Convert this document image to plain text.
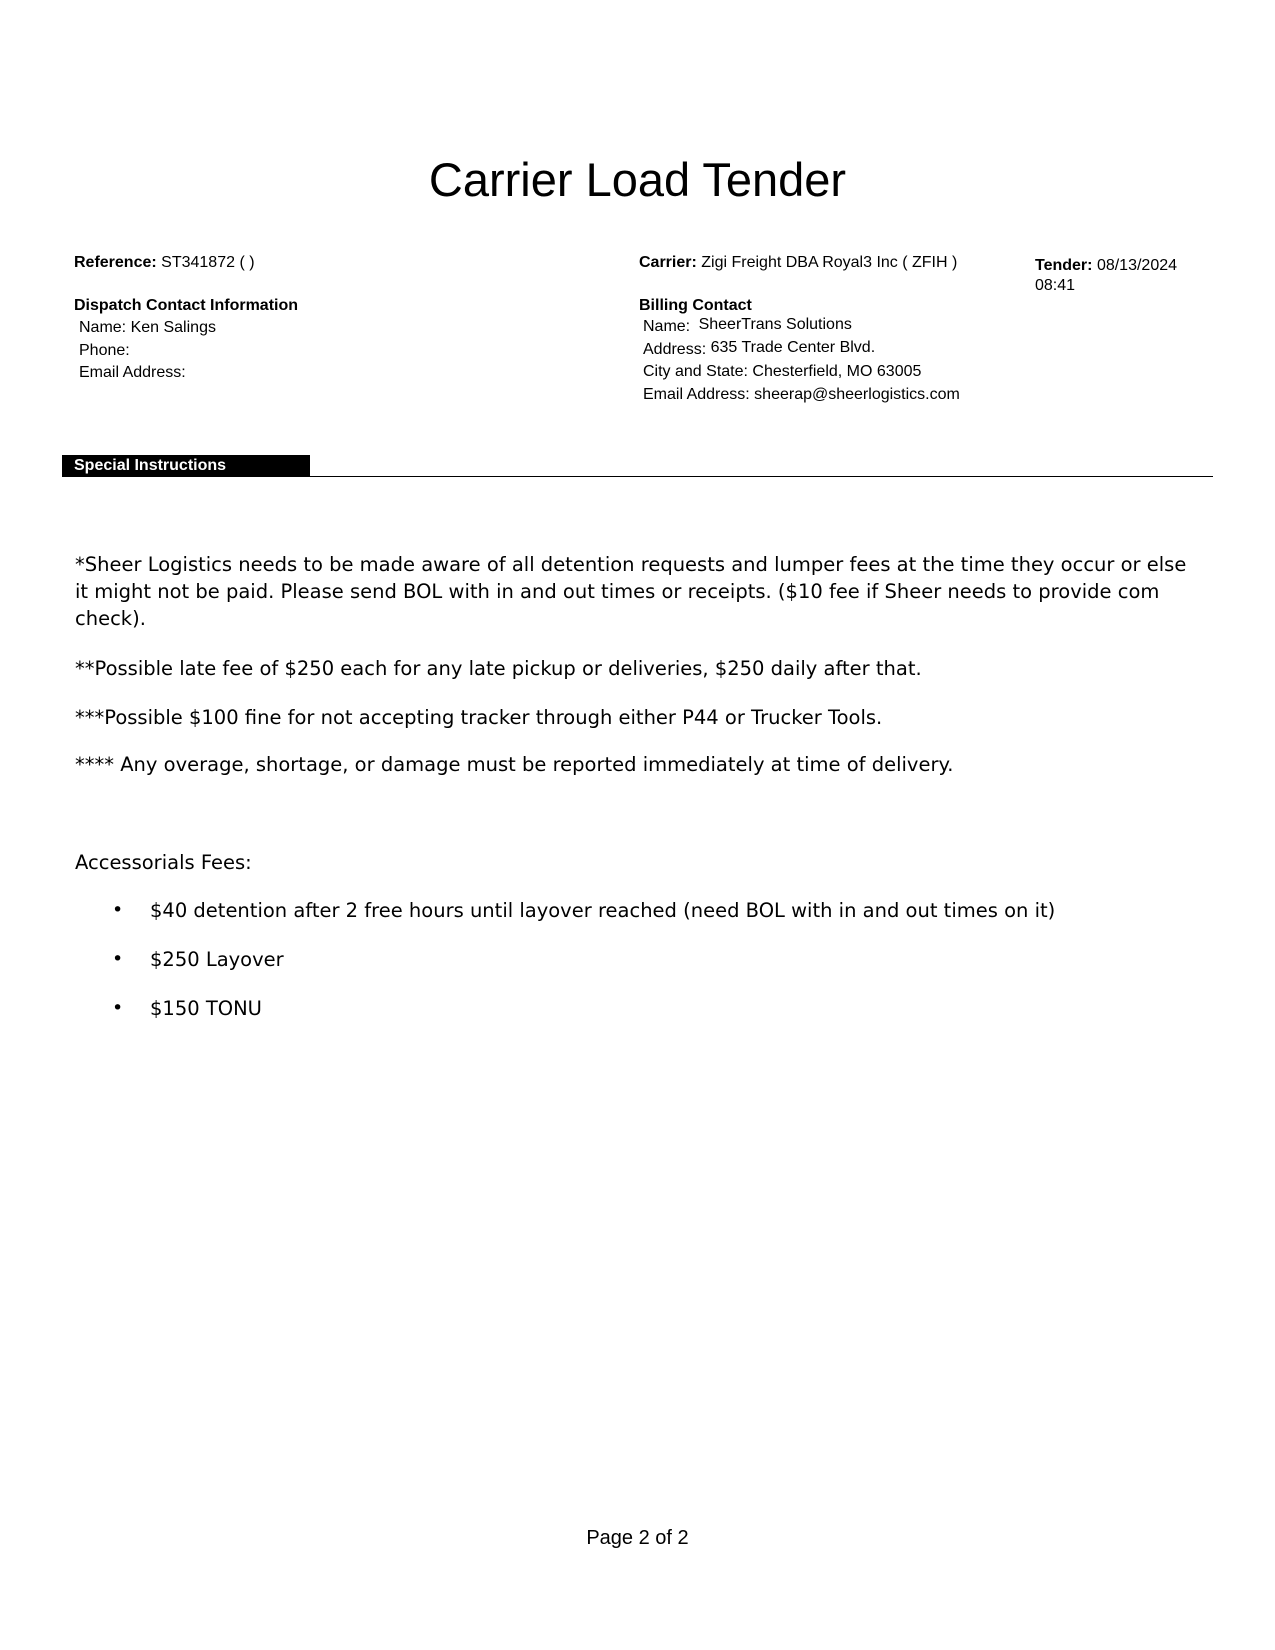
Carrier Load Tender
Reference: ST341872 ( )	Carrier: Zigi Freight DBA Royal3 Inc ( ZFIH )	Tender: 08/13/2024
08:41
Dispatch Contact Information
Name: Ken Salings
Phone:
Email Address:
Billing Contact
Name: SheerTrans Solutions
Address: 635 Trade Center Blvd.
City and State: Chesterfield, MO 63005
Email Address: sheerap@sheerlogistics.com
Special Instructions
*Sheer Logistics needs to be made aware of all detention requests and lumper fees at the time they occur or else it might not be paid. Please send BOL with in and out times or receipts. ($10 fee if Sheer needs to provide com check).
**Possible late fee of $250 each for any late pickup or deliveries, $250 daily after that.
***Possible $100 fine for not accepting tracker through either P44 or Trucker Tools.
**** Any overage, shortage, or damage must be reported immediately at time of delivery.
Accessorials Fees:
• $40 detention after 2 free hours until layover reached (need BOL with in and out times on it)
• $250 Layover
• $150 TONU
Page 2 of 2
